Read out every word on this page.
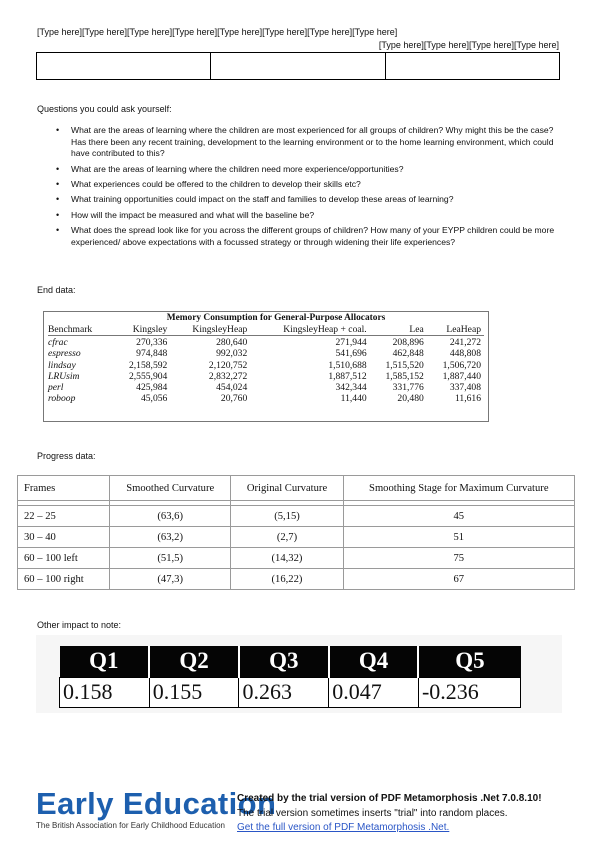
[Type here][Type here][Type here][Type here][Type here][Type here][Type here][Type here]
[Type here][Type here][Type here][Type here]

Questions you could ask yourself:
• What are the areas of learning where the children are most experienced for all groups of children? Why might this be the case? Has there been any recent training, development to the learning environment or to the home learning environment, which could have contributed to this?
• What are the areas of learning where the children need more experience/opportunities?
• What experiences could be offered to the children to develop their skills etc?
• What training opportunities could impact on the staff and families to develop these areas of learning?
• How will the impact be measured and what will the baseline be?
• What does the spread look like for you across the different groups of children? How many of your EYPP children could be more experienced/ above expectations with a focussed strategy or through widening their life experiences?
End data:
Memory Consumption for General-Purpose Allocators
Benchmark	Kingsley	KingsleyHeap	KingsleyHeap + coal.	Lea	LeaHeap
cfrac	270,336	280,640	271,944	208,896	241,272
espresso	974,848	992,032	541,696	462,848	448,808
lindsay	2,158,592	2,120,752	1,510,688	1,515,520	1,506,720
LRUsim	2,555,904	2,832,272	1,887,512	1,585,152	1,887,440
perl	425,984	454,024	342,344	331,776	337,408
roboop	45,056	20,760	11,440	20,480	11,616
Progress data:
Frames	Smoothed Curvature	Original Curvature	Smoothing Stage for Maximum Curvature

22 – 25	(63,6)	(5,15)	45
30 – 40	(63,2)	(2,7)	51
60 – 100 left	(51,5)	(14,32)	75
60 – 100 right	(47,3)	(16,22)	67
Other impact to note:
Q1	Q2	Q3	Q4	Q5
0.158	0.155	0.263	0.047	-0.236
Early Education
The British Association for Early Childhood Education
Created by the trial version of PDF Metamorphosis .Net 7.0.8.10!
The trial version sometimes inserts "trial" into random places.
Get the full version of PDF Metamorphosis .Net.
